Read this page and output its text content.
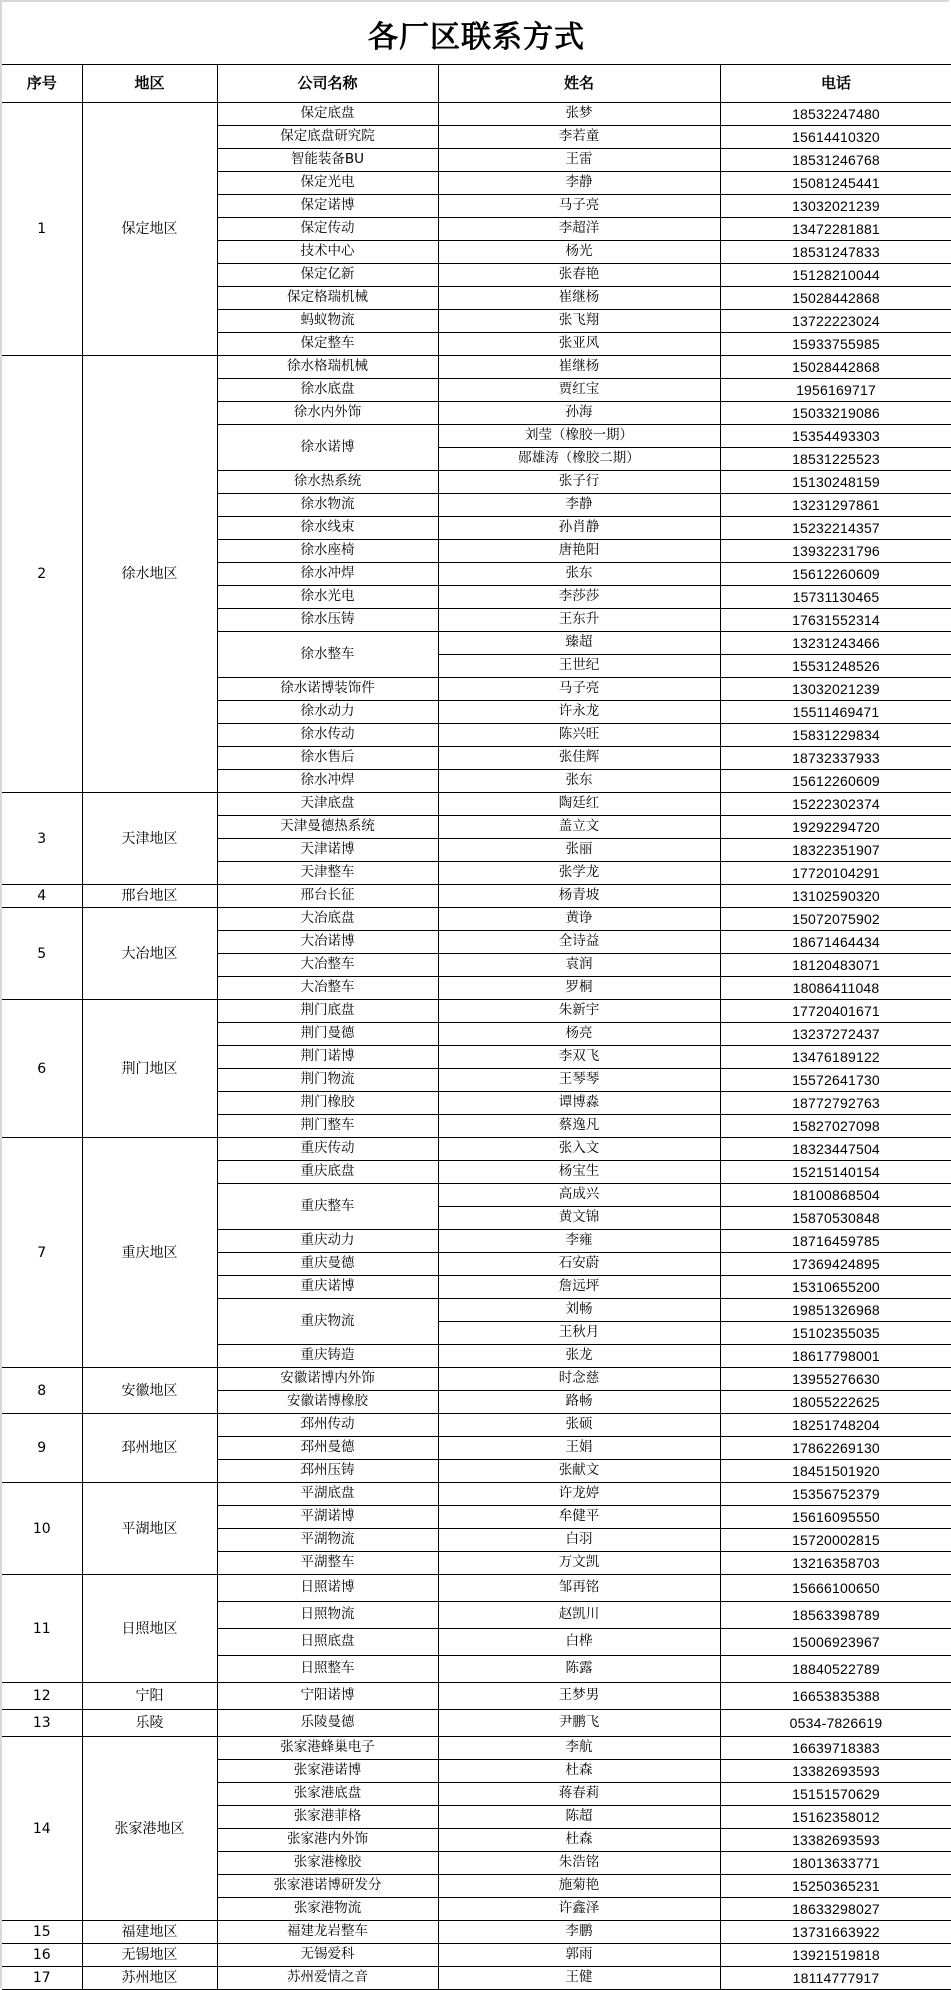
各厂区联系方式
序号	地区	公司名称	姓名	电话
1	保定地区	保定底盘	张梦	18532247480
		保定底盘研究院	李若童	15614410320
		智能装备BU	王雷	18531246768
		保定光电	李静	15081245441
		保定诺博	马子亮	13032021239
		保定传动	李超洋	13472281881
		技术中心	杨光	18531247833
		保定亿新	张春艳	15128210044
		保定格瑞机械	崔继杨	15028442868
		蚂蚁物流	张飞翔	13722223024
		保定整车	张亚风	15933755985
2	徐水地区	徐水格瑞机械	崔继杨	15028442868
		徐水底盘	贾红宝	1956169717
		徐水内外饰	孙海	15033219086
		徐水诺博	刘莹（橡胶一期）	15354493303
			郧雄涛（橡胶二期）	18531225523
		徐水热系统	张子行	15130248159
		徐水物流	李静	13231297861
		徐水线束	孙肖静	15232214357
		徐水座椅	唐艳阳	13932231796
		徐水冲焊	张东	15612260609
		徐水光电	李莎莎	15731130465
		徐水压铸	王东升	17631552314
		徐水整车	臻超	13231243466
			王世纪	15531248526
		徐水诺博装饰件	马子亮	13032021239
		徐水动力	许永龙	15511469471
		徐水传动	陈兴旺	15831229834
		徐水售后	张佳辉	18732337933
		徐水冲焊	张东	15612260609
3	天津地区	天津底盘	陶廷红	15222302374
		天津曼德热系统	盖立文	19292294720
		天津诺博	张丽	18322351907
		天津整车	张学龙	17720104291
4	邢台地区	邢台长征	杨青坡	13102590320
5	大冶地区	大冶底盘	黄诤	15072075902
		大冶诺博	全诗益	18671464434
		大冶整车	袁润	18120483071
		大冶整车	罗桐	18086411048
6	荆门地区	荆门底盘	朱新宇	17720401671
		荆门曼德	杨亮	13237272437
		荆门诺博	李双飞	13476189122
		荆门物流	王琴琴	15572641730
		荆门橡胶	谭博淼	18772792763
		荆门整车	蔡逸凡	15827027098
7	重庆地区	重庆传动	张入文	18323447504
		重庆底盘	杨宝生	15215140154
		重庆整车	高成兴	18100868504
			黄文锦	15870530848
		重庆动力	李雍	18716459785
		重庆曼德	石安蔚	17369424895
		重庆诺博	詹远坪	15310655200
		重庆物流	刘畅	19851326968
			王秋月	15102355035
		重庆铸造	张龙	18617798001
8	安徽地区	安徽诺博内外饰	时念慈	13955276630
		安徽诺博橡胶	路畅	18055222625
9	邳州地区	邳州传动	张硕	18251748204
		邳州曼德	王娟	17862269130
		邳州压铸	张献文	18451501920
10	平湖地区	平湖底盘	许龙婷	15356752379
		平湖诺博	牟健平	15616095550
		平湖物流	白羽	15720002815
		平湖整车	万文凯	13216358703
11	日照地区	日照诺博	邹再铭	15666100650
		日照物流	赵凯川	18563398789
		日照底盘	白桦	15006923967
		日照整车	陈露	18840522789
12	宁阳	宁阳诺博	王梦男	16653835388
13	乐陵	乐陵曼德	尹鹏飞	0534-7826619
14	张家港地区	张家港蜂巢电子	李航	16639718383
		张家港诺博	杜森	13382693593
		张家港底盘	蒋春莉	15151570629
		张家港菲格	陈超	15162358012
		张家港内外饰	杜森	13382693593
		张家港橡胶	朱浩铭	18013633771
		张家港诺博研发分	施菊艳	15250365231
		张家港物流	许鑫泽	18633298027
15	福建地区	福建龙岩整车	李鹏	13731663922
16	无锡地区	无锡爱科	郭雨	13921519818
17	苏州地区	苏州爱情之音	王健	18114777917
